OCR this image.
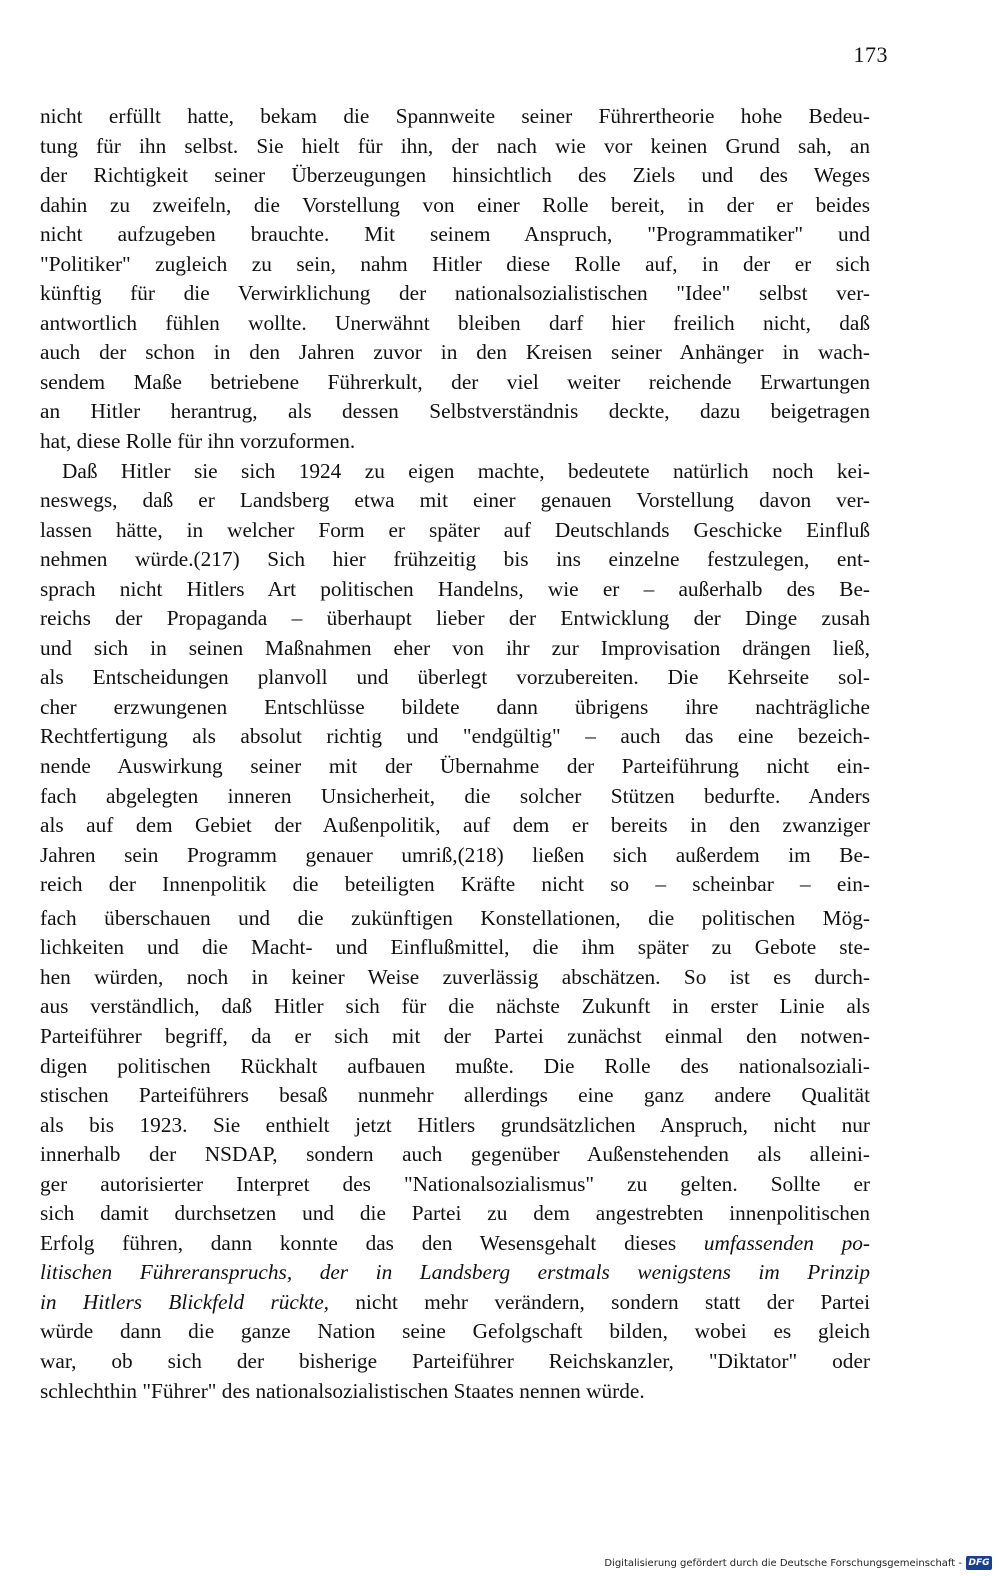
173
nicht erfüllt hatte, bekam die Spannweite seiner Führertheorie hohe Bedeu-
tung für ihn selbst. Sie hielt für ihn, der nach wie vor keinen Grund sah, an
der Richtigkeit seiner Überzeugungen hinsichtlich des Ziels und des Weges
dahin zu zweifeln, die Vorstellung von einer Rolle bereit, in der er beides
nicht aufzugeben brauchte. Mit seinem Anspruch, "Programmatiker" und
"Politiker" zugleich zu sein, nahm Hitler diese Rolle auf, in der er sich
künftig für die Verwirklichung der nationalsozialistischen "Idee" selbst ver-
antwortlich fühlen wollte. Unerwähnt bleiben darf hier freilich nicht, daß
auch der schon in den Jahren zuvor in den Kreisen seiner Anhänger in wach-
sendem Maße betriebene Führerkult, der viel weiter reichende Erwartungen
an Hitler herantrug, als dessen Selbstverständnis deckte, dazu beigetragen
hat, diese Rolle für ihn vorzuformen.
Daß Hitler sie sich 1924 zu eigen machte, bedeutete natürlich noch kei-
neswegs, daß er Landsberg etwa mit einer genauen Vorstellung davon ver-
lassen hätte, in welcher Form er später auf Deutschlands Geschicke Einfluß
nehmen würde.(217) Sich hier frühzeitig bis ins einzelne festzulegen, ent-
sprach nicht Hitlers Art politischen Handelns, wie er – außerhalb des Be-
reichs der Propaganda – überhaupt lieber der Entwicklung der Dinge zusah
und sich in seinen Maßnahmen eher von ihr zur Improvisation drängen ließ,
als Entscheidungen planvoll und überlegt vorzubereiten. Die Kehrseite sol-
cher erzwungenen Entschlüsse bildete dann übrigens ihre nachträgliche
Rechtfertigung als absolut richtig und "endgültig" – auch das eine bezeich-
nende Auswirkung seiner mit der Übernahme der Parteiführung nicht ein-
fach abgelegten inneren Unsicherheit, die solcher Stützen bedurfte. Anders
als auf dem Gebiet der Außenpolitik, auf dem er bereits in den zwanziger
Jahren sein Programm genauer umriß,(218) ließen sich außerdem im Be-
reich der Innenpolitik die beteiligten Kräfte nicht so – scheinbar – ein-
fach überschauen und die zukünftigen Konstellationen, die politischen Mög-
lichkeiten und die Macht- und Einflußmittel, die ihm später zu Gebote ste-
hen würden, noch in keiner Weise zuverlässig abschätzen. So ist es durch-
aus verständlich, daß Hitler sich für die nächste Zukunft in erster Linie als
Parteiführer begriff, da er sich mit der Partei zunächst einmal den notwen-
digen politischen Rückhalt aufbauen mußte. Die Rolle des nationalsoziali-
stischen Parteiführers besaß nunmehr allerdings eine ganz andere Qualität
als bis 1923. Sie enthielt jetzt Hitlers grundsätzlichen Anspruch, nicht nur
innerhalb der NSDAP, sondern auch gegenüber Außenstehenden als alleini-
ger autorisierter Interpret des "Nationalsozialismus" zu gelten. Sollte er
sich damit durchsetzen und die Partei zu dem angestrebten innenpolitischen
Erfolg führen, dann konnte das den Wesensgehalt dieses umfassenden po-
litischen Führeranspruchs, der in Landsberg erstmals wenigstens im Prinzip
in Hitlers Blickfeld rückte, nicht mehr verändern, sondern statt der Partei
würde dann die ganze Nation seine Gefolgschaft bilden, wobei es gleich
war, ob sich der bisherige Parteiführer Reichskanzler, "Diktator" oder
schlechthin "Führer" des nationalsozialistischen Staates nennen würde.
Digitalisierung gefördert durch die Deutsche Forschungsgemeinschaft - DFG
